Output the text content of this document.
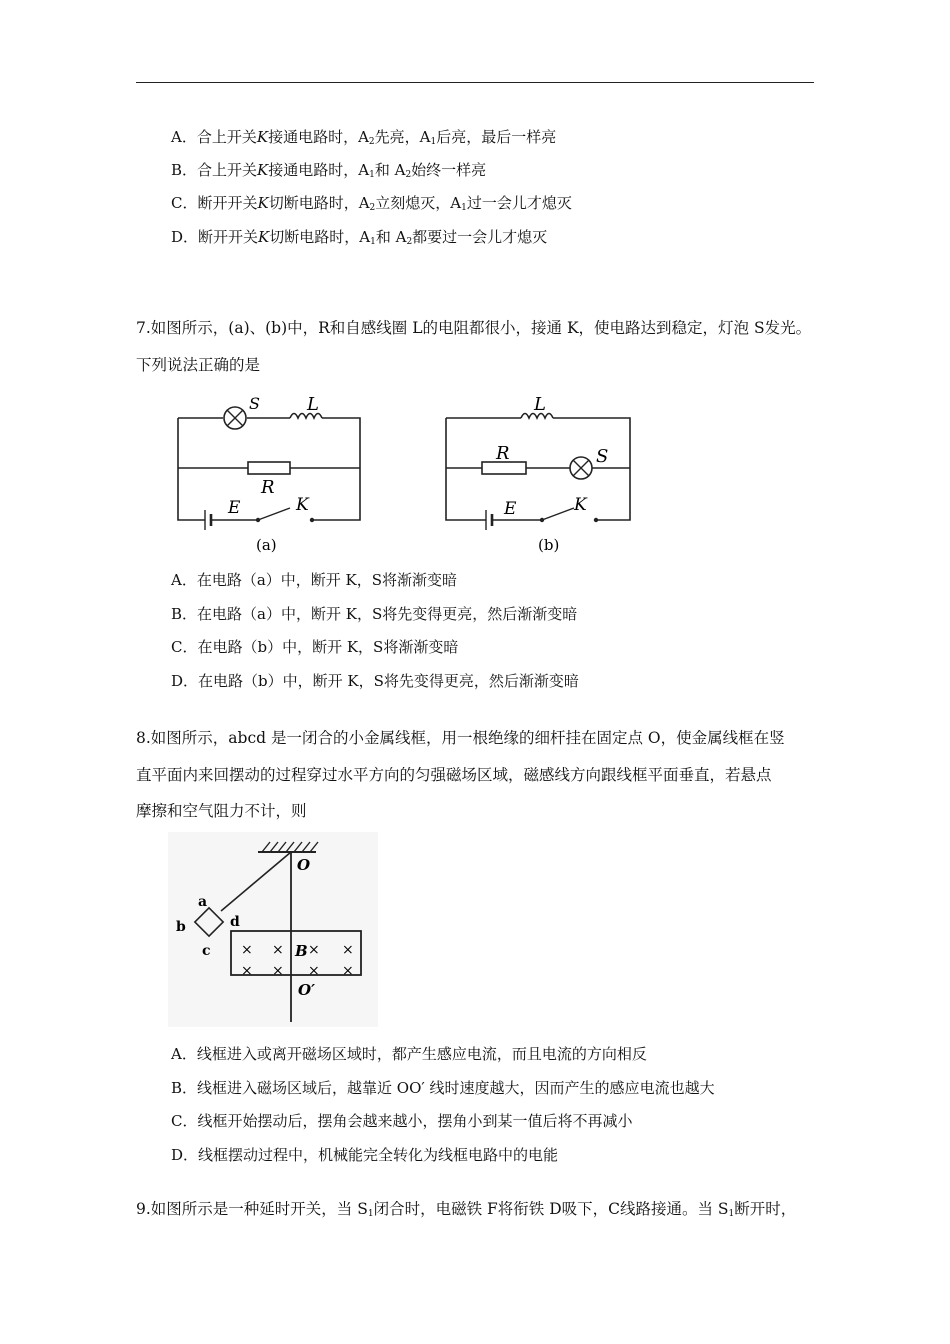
A．合上开关K接通电路时，$A_2$先亮，$A_1$后亮，最后一样亮
B．合上开关K接通电路时，$A_1$和 $A_2$始终一样亮
C．断开开关K切断电路时，$A_2$立刻熄灭，$A_1$过一会儿才熄灭
D．断开开关K切断电路时，$A_1$和 $A_2$都要过一会儿才熄灭
7.如图所示，(a)、(b)中，R和自感线圈 L的电阻都很小，接通 K，使电路达到稳定，灯泡 S发光。
下列说法正确的是
S	L
R
E	K
(a)
L
R	S
E	K
(b)
A．在电路（a）中，断开 K，S将渐渐变暗
B．在电路（a）中，断开 K，S将先变得更亮，然后渐渐变暗
C．在电路（b）中，断开 K，S将渐渐变暗
D．在电路（b）中，断开 K，S将先变得更亮，然后渐渐变暗
8.如图所示，abcd 是一闭合的小金属线框，用一根绝缘的细杆挂在固定点 O，使金属线框在竖
直平面内来回摆动的过程穿过水平方向的匀强磁场区域，磁感线方向跟线框平面垂直，若悬点
摩擦和空气阻力不计，则
× × × ×
× × × ×
O
a
b
c
d
B
O′
A．线框进入或离开磁场区域时，都产生感应电流，而且电流的方向相反
B．线框进入磁场区域后，越靠近 OO′ 线时速度越大，因而产生的感应电流也越大
C．线框开始摆动后，摆角会越来越小，摆角小到某一值后将不再减小
D．线框摆动过程中，机械能完全转化为线框电路中的电能
9.如图所示是一种延时开关，当 $S_1$闭合时，电磁铁 F将衔铁 D吸下，C线路接通。当 $S_1$断开时，
